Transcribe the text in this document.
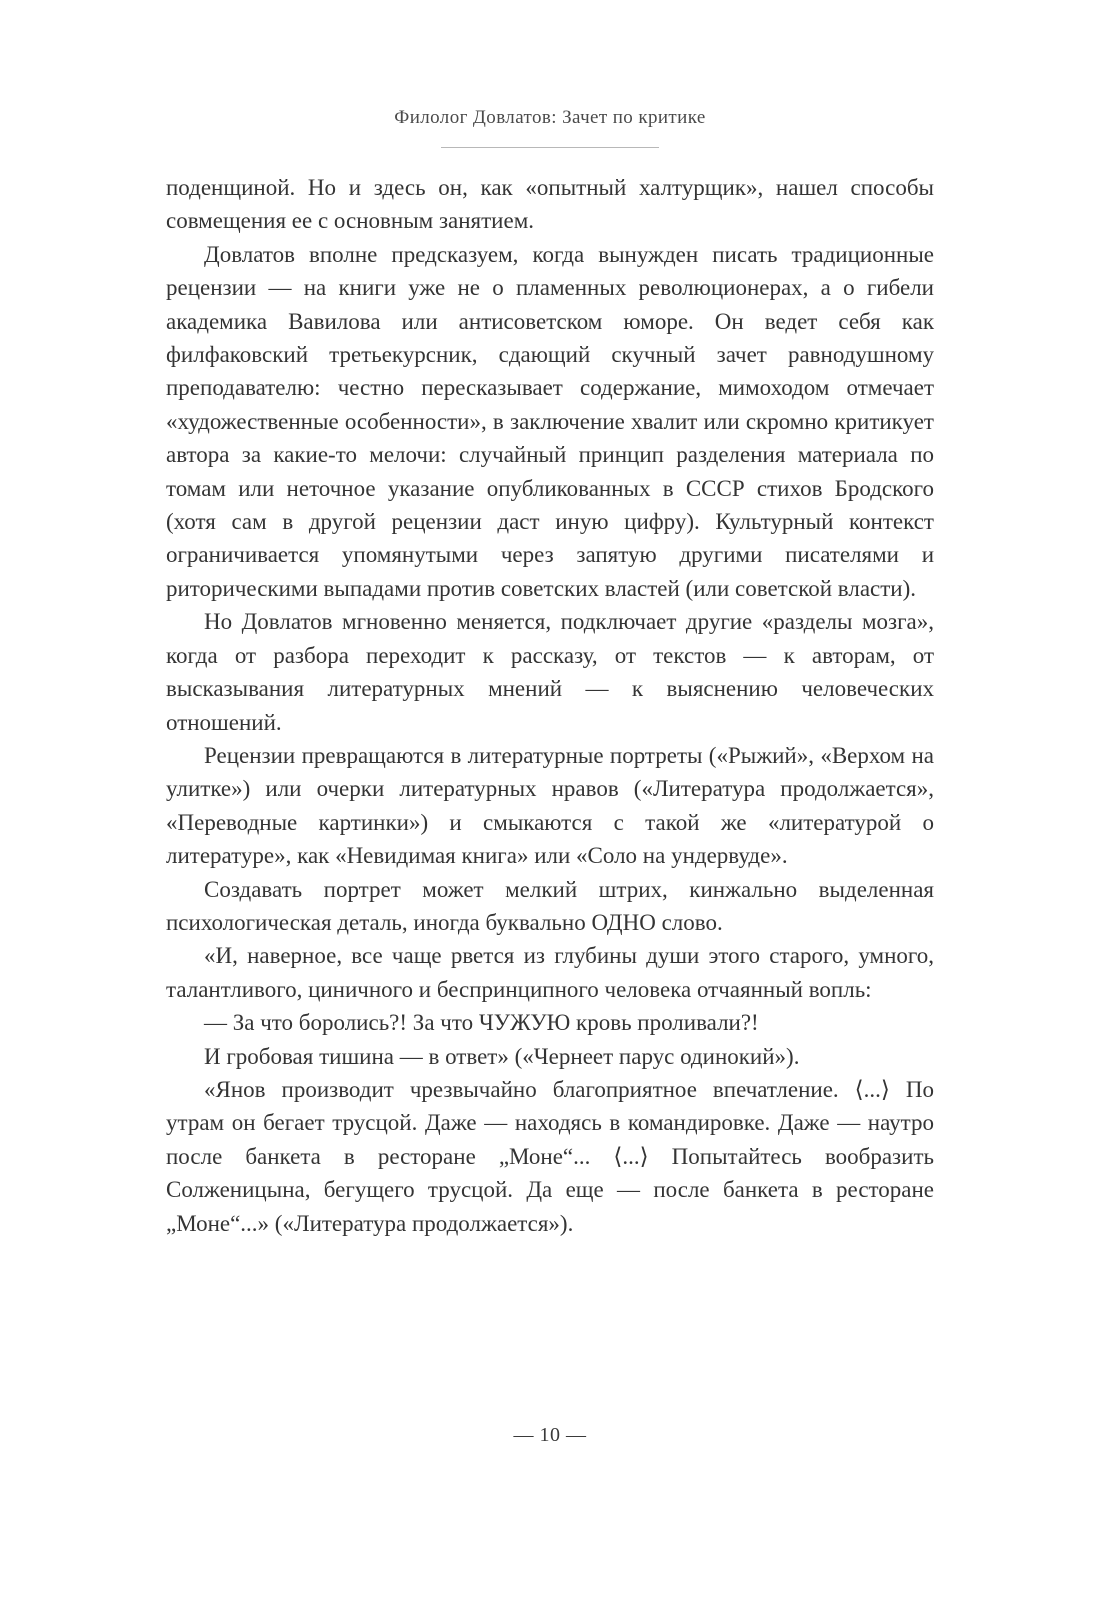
Филолог Довлатов: Зачет по критике

поденщиной. Но и здесь он, как «опытный халтурщик», нашел способы совмещения ее с основным занятием.

Довлатов вполне предсказуем, когда вынужден писать традиционные рецензии — на книги уже не о пламенных революционерах, а о гибели академика Вавилова или антисоветском юморе. Он ведет себя как филфаковский третьекурсник, сдающий скучный зачет равнодушному преподавателю: честно пересказывает содержание, мимоходом отмечает «художественные особенности», в заключение хвалит или скромно критикует автора за какие-то мелочи: случайный принцип разделения материала по томам или неточное указание опубликованных в СССР стихов Бродского (хотя сам в другой рецензии даст иную цифру). Культурный контекст ограничивается упомянутыми через запятую другими писателями и риторическими выпадами против советских властей (или советской власти).

Но Довлатов мгновенно меняется, подключает другие «разделы мозга», когда от разбора переходит к рассказу, от текстов — к авторам, от высказывания литературных мнений — к выяснению человеческих отношений.

Рецензии превращаются в литературные портреты («Рыжий», «Верхом на улитке») или очерки литературных нравов («Литература продолжается», «Переводные картинки») и смыкаются с такой же «литературой о литературе», как «Невидимая книга» или «Соло на ундервуде».

Создавать портрет может мелкий штрих, кинжально выделенная психологическая деталь, иногда буквально ОДНО слово.

«И, наверное, все чаще рвется из глубины души этого старого, умного, талантливого, циничного и беспринципного человека отчаянный вопль:

— За что боролись?! За что ЧУЖУЮ кровь проливали?!

И гробовая тишина — в ответ» («Чернеет парус одинокий»).

«Янов производит чрезвычайно благоприятное впечатление. ⟨...⟩ По утрам он бегает трусцой. Даже — находясь в командировке. Даже — наутро после банкета в ресторане „Моне“... ⟨...⟩ Попытайтесь вообразить Солженицына, бегущего трусцой. Да еще — после банкета в ресторане „Моне“...» («Литература продолжается»).

— 10 —
